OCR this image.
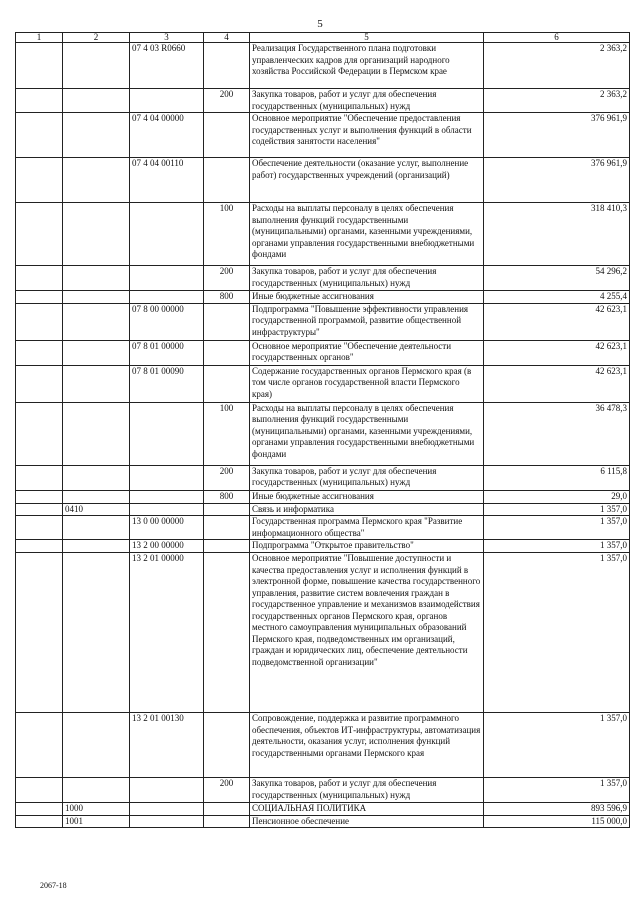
5
1	2	3	4	5	6
		07 4 03 R0660		Реализация Государственного плана подготовки управленческих кадров для организаций народного хозяйства Российской Федерации в Пермском крае	2 363,2
			200	Закупка товаров, работ и услуг для обеспечения государственных (муниципальных) нужд	2 363,2
		07 4 04 00000		Основное мероприятие "Обеспечение предоставления государственных услуг и выполнения функций в области содействия занятости населения"	376 961,9
		07 4 04 00110		Обеспечение деятельности (оказание услуг, выполнение работ) государственных учреждений (организаций)	376 961,9
			100	Расходы на выплаты персоналу в целях обеспечения выполнения функций государственными (муниципальными) органами, казенными учреждениями, органами управления государственными внебюджетными фондами	318 410,3
			200	Закупка товаров, работ и услуг для обеспечения государственных (муниципальных) нужд	54 296,2
			800	Иные бюджетные ассигнования	4 255,4
		07 8 00 00000		Подпрограмма "Повышение эффективности управления государственной программой, развитие общественной инфраструктуры"	42 623,1
		07 8 01 00000		Основное мероприятие "Обеспечение деятельности государственных органов"	42 623,1
		07 8 01 00090		Содержание государственных органов Пермского края (в том числе органов государственной власти Пермского края)	42 623,1
			100	Расходы на выплаты персоналу в целях обеспечения выполнения функций государственными (муниципальными) органами, казенными учреждениями, органами управления государственными внебюджетными фондами	36 478,3
			200	Закупка товаров, работ и услуг для обеспечения государственных (муниципальных) нужд	6 115,8
			800	Иные бюджетные ассигнования	29,0
	0410			Связь и информатика	1 357,0
		13 0 00 00000		Государственная программа Пермского края "Развитие информационного общества"	1 357,0
		13 2 00 00000		Подпрограмма "Открытое правительство"	1 357,0
		13 2 01 00000		Основное мероприятие "Повышение доступности и качества предоставления услуг и исполнения функций в электронной форме, повышение качества государственного управления, развитие систем вовлечения граждан в государственное управление и механизмов взаимодействия государственных органов Пермского края, органов местного самоуправления муниципальных образований Пермского края, подведомственных им организаций, граждан и юридических лиц, обеспечение деятельности подведомственной организации"	1 357,0
		13 2 01 00130		Сопровождение, поддержка и развитие программного обеспечения, объектов ИТ-инфраструктуры, автоматизация деятельности, оказания услуг, исполнения функций государственными органами Пермского края	1 357,0
			200	Закупка товаров, работ и услуг для обеспечения государственных (муниципальных) нужд	1 357,0
	1000			СОЦИАЛЬНАЯ ПОЛИТИКА	893 596,9
	1001			Пенсионное обеспечение	115 000,0
2067-18
